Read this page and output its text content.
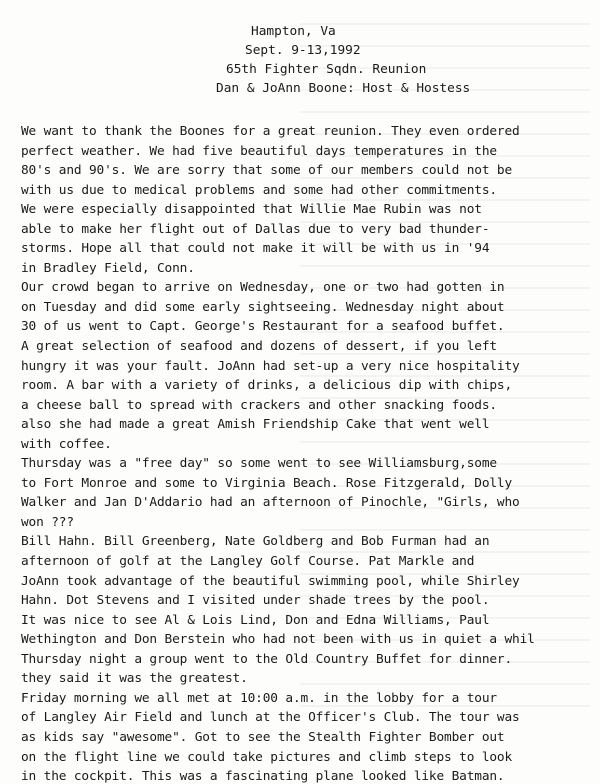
Hampton, Va
Sept. 9-13,1992
65th Fighter Sqdn. Reunion
Dan & JoAnn Boone: Host & Hostess
We want to thank the Boones for a great reunion. They even ordered
perfect weather. We had five beautiful days temperatures in the
80's and 90's. We are sorry that some of our members could not be
with us due to medical problems and some had other commitments.
We were especially disappointed that Willie Mae Rubin was not
able to make her flight out of Dallas due to very bad thunder-
storms. Hope all that could not make it will be with us in '94
in Bradley Field, Conn.
Our crowd began to arrive on Wednesday, one or two had gotten in
on Tuesday and did some early sightseeing. Wednesday night about
30 of us went to Capt. George's Restaurant for a seafood buffet.
A great selection of seafood and dozens of dessert, if you left
hungry it was your fault. JoAnn had set-up a very nice hospitality
room. A bar with a variety of drinks, a delicious dip with chips,
a cheese ball to spread with crackers and other snacking foods.
also she had made a great Amish Friendship Cake that went well
with coffee.
Thursday was a "free day" so some went to see Williamsburg,some
to Fort Monroe and some to Virginia Beach. Rose Fitzgerald, Dolly
Walker and Jan D'Addario had an afternoon of Pinochle, "Girls, who
won ???
Bill Hahn. Bill Greenberg, Nate Goldberg and Bob Furman had an
afternoon of golf at the Langley Golf Course. Pat Markle and
JoAnn took advantage of the beautiful swimming pool, while Shirley
Hahn. Dot Stevens and I visited under shade trees by the pool.
It was nice to see Al & Lois Lind, Don and Edna Williams, Paul
Wethington and Don Berstein who had not been with us in quiet a whil
Thursday night a group went to the Old Country Buffet for dinner.
they said it was the greatest.
Friday morning we all met at 10:00 a.m. in the lobby for a tour
of Langley Air Field and lunch at the Officer's Club. The tour was
as kids say "awesome". Got to see the Stealth Fighter Bomber out
on the flight line we could take pictures and climb steps to look
in the cockpit. This was a fascinating plane looked like Batman.
